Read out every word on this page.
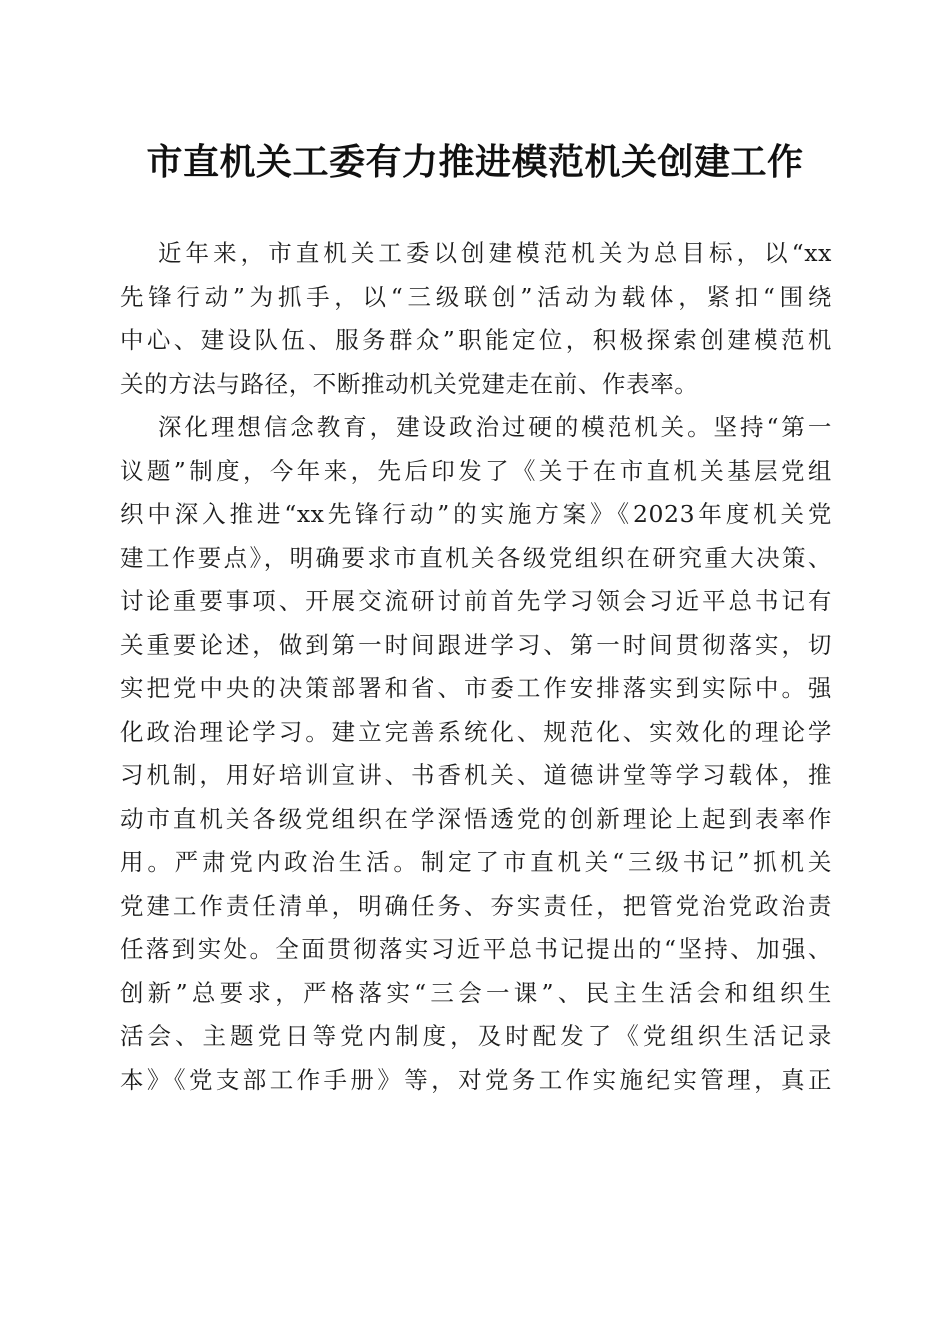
市直机关工委有力推进模范机关创建工作
近年来，市直机关工委以创建模范机关为总目标，以“xx
先锋行动”为抓手，以“三级联创”活动为载体，紧扣“围绕
中心、建设队伍、服务群众”职能定位，积极探索创建模范机
关的方法与路径，不断推动机关党建走在前、作表率。
深化理想信念教育，建设政治过硬的模范机关。坚持“第一
议题”制度，今年来，先后印发了《关于在市直机关基层党组
织中深入推进“xx先锋行动”的实施方案》《2023年度机关党
建工作要点》，明确要求市直机关各级党组织在研究重大决策、
讨论重要事项、开展交流研讨前首先学习领会习近平总书记有
关重要论述，做到第一时间跟进学习、第一时间贯彻落实，切
实把党中央的决策部署和省、市委工作安排落实到实际中。强
化政治理论学习。建立完善系统化、规范化、实效化的理论学
习机制，用好培训宣讲、书香机关、道德讲堂等学习载体，推
动市直机关各级党组织在学深悟透党的创新理论上起到表率作
用。严肃党内政治生活。制定了市直机关“三级书记”抓机关
党建工作责任清单，明确任务、夯实责任，把管党治党政治责
任落到实处。全面贯彻落实习近平总书记提出的“坚持、加强、
创新”总要求，严格落实“三会一课”、民主生活会和组织生
活会、主题党日等党内制度，及时配发了《党组织生活记录
本》《党支部工作手册》等，对党务工作实施纪实管理，真正
